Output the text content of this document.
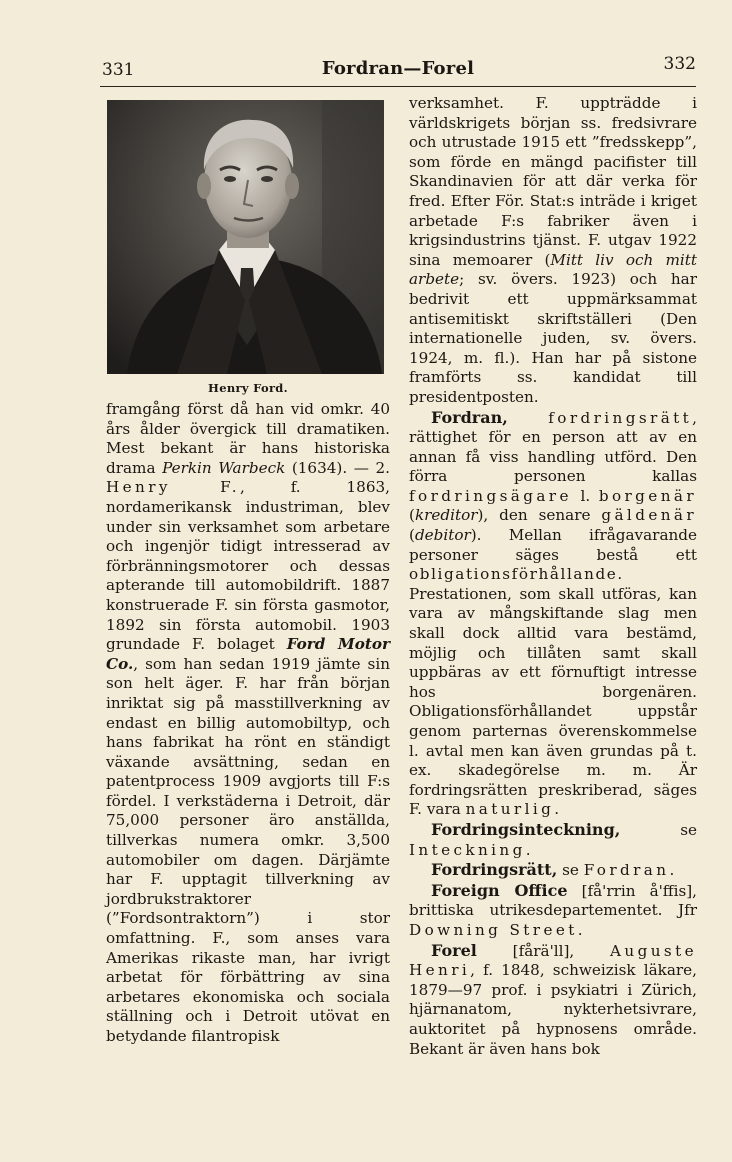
331	Fordran—Forel	332
Henry Ford.

framgång först då han vid omkr. 40 års ålder övergick till dramatiken. Mest bekant är hans historiska drama Perkin Warbeck (1634). — 2. Henry F., f. 1863, nordamerikansk industriman, blev under sin verksamhet som arbetare och ingenjör tidigt intresserad av förbränningsmotorer och dessas apterande till automobildrift. 1887 konstruerade F. sin första gasmotor, 1892 sin första automobil. 1903 grundade F. bolaget Ford Motor Co., som han sedan 1919 jämte sin son helt äger. F. har från början inriktat sig på masstillverkning av endast en billig automobiltyp, och hans fabrikat ha rönt en ständigt växande avsättning, sedan en patentprocess 1909 avgjorts till F:s fördel. I verkstäderna i Detroit, där 75,000 personer äro anställda, tillverkas numera omkr. 3,500 automobiler om dagen. Därjämte har F. upptagit tillverkning av jordbrukstraktorer (”Fordsontraktorn”) i stor omfattning. F., som anses vara Amerikas rikaste man, har ivrigt arbetat för förbättring av sina arbetares ekonomiska och sociala ställning och i Detroit utövat en betydande filantropisk

verksamhet. F. uppträdde i världskrigets början ss. fredsivrare och utrustade 1915 ett ”fredsskepp”, som förde en mängd pacifister till Skandinavien för att där verka för fred. Efter För. Stat:s inträde i kriget arbetade F:s fabriker även i krigsindustrins tjänst. F. utgav 1922 sina memoarer (Mitt liv och mitt arbete; sv. övers. 1923) och har bedrivit ett uppmärksammat antisemitiskt skriftställeri (Den internationelle juden, sv. övers. 1924, m. fl.). Han har på sistone framförts ss. kandidat till presidentposten.

Fordran,	fordringsrätt, rättighet för en person att av en annan få viss handling utförd. Den förra personen kallas fordringsägare l. borgenär (kreditor), den senare gäldenär (debitor). Mellan ifrågavarande personer säges bestå ett obligationsförhållande. Prestationen, som skall utföras, kan vara av mångskiftande slag men skall dock alltid vara bestämd, möjlig och tillåten samt skall uppbäras av ett förnuftigt intresse hos borgenären. Obligationsförhållandet uppstår genom parternas överenskommelse l. avtal men kan även grundas på t. ex. skadegörelse m. m. Är fordringsrätten preskriberad, säges F. vara naturlig.

Fordringsinteckning, se Inteckning.

Fordringsrätt, se Fordran.

Foreign Office [få'rrin å'ffis], brittiska utrikesdepartementet. Jfr Downing Street.

Forel [fårä'll], Auguste Henri, f. 1848, schweizisk läkare, 1879—97 prof. i psykiatri i Zürich, hjärnanatom, nykterhetsivrare, auktoritet på hypnosens område. Bekant är även hans bok
